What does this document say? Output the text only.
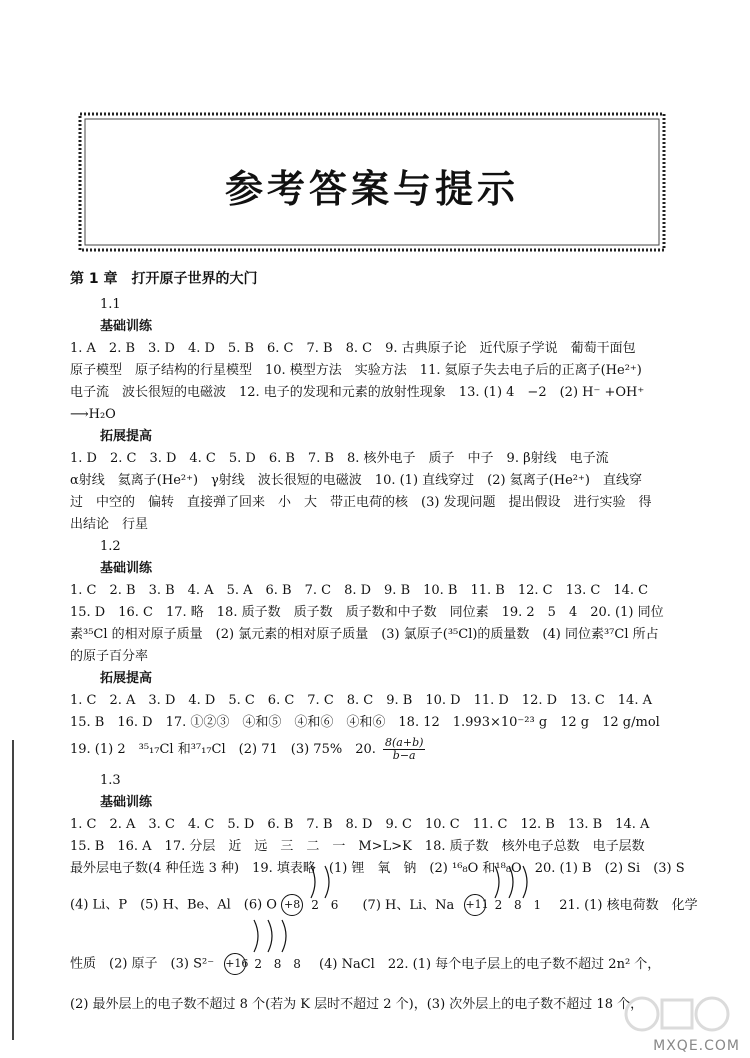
参考答案与提示
第 1 章　打开原子世界的大门
1.1
基础训练
1. A　2. B　3. D　4. D　5. B　6. C　7. B　8. C　9. 古典原子论　近代原子学说　葡萄干面包
原子模型　原子结构的行星模型　10. 模型方法　实验方法　11. 氦原子失去电子后的正离子(He²⁺)
电子流　波长很短的电磁波　12. 电子的发现和元素的放射性现象　13. (1) 4　−2　(2) H⁻ +OH⁺
⟶H₂O
拓展提高
1. D　2. C　3. D　4. C　5. D　6. B　7. B　8. 核外电子　质子　中子　9. β射线　电子流
α射线　氦离子(He²⁺)　γ射线　波长很短的电磁波　10. (1) 直线穿过　(2) 氦离子(He²⁺)　直线穿
过　中空的　偏转　直接弹了回来　小　大　带正电荷的核　(3) 发现问题　提出假设　进行实验　得
出结论　行星
1.2
基础训练
1. C　2. B　3. B　4. A　5. A　6. B　7. C　8. D　9. B　10. B　11. B　12. C　13. C　14. C
15. D　16. C　17. 略　18. 质子数　质子数　质子数和中子数　同位素　19. 2　5　4　20. (1) 同位
素³⁵Cl 的相对原子质量　(2) 氯元素的相对原子质量　(3) 氯原子(³⁵Cl)的质量数　(4) 同位素³⁷Cl 所占
的原子百分率
拓展提高
1. C　2. A　3. D　4. D　5. C　6. C　7. C　8. C　9. B　10. D　11. D　12. D　13. C　14. A
15. B　16. D　17. ①②③　④和⑤　④和⑥　④和⑥　18. 12　1.993×10⁻²³ g　12 g　12 g/mol
19. (1) 2　³⁵₁₇Cl 和³⁷₁₇Cl　(2) 71　(3) 75%　20. $\frac{8(a+b)}{b-a}$
1.3
基础训练
1. C　2. A　3. C　4. C　5. D　6. B　7. B　8. D　9. C　10. C　11. C　12. B　13. B　14. A
15. B　16. A　17. 分层　近　远　三　二　一　M>L>K　18. 质子数　核外电子总数　电子层数
最外层电子数(4 种任选 3 种)　19. 填表略　(1) 锂　氧　钠　(2) ¹⁶₈O 和¹⁸₈O　20. (1) B　(2) Si　(3) S
(4) Li、P　(5) H、Be、Al　(6) O +8 2 6 (7) H、Li、Na +11 2 8 1 21. (1) 核电荷数　化学
性质　(2) 原子　(3) S²⁻ +16 2 8 8 (4) NaCl　22. (1) 每个电子层上的电子数不超过 2n² 个，
(2) 最外层上的电子数不超过 8 个(若为 K 层时不超过 2 个)，(3) 次外层上的电子数不超过 18 个，
MXQE.COM
